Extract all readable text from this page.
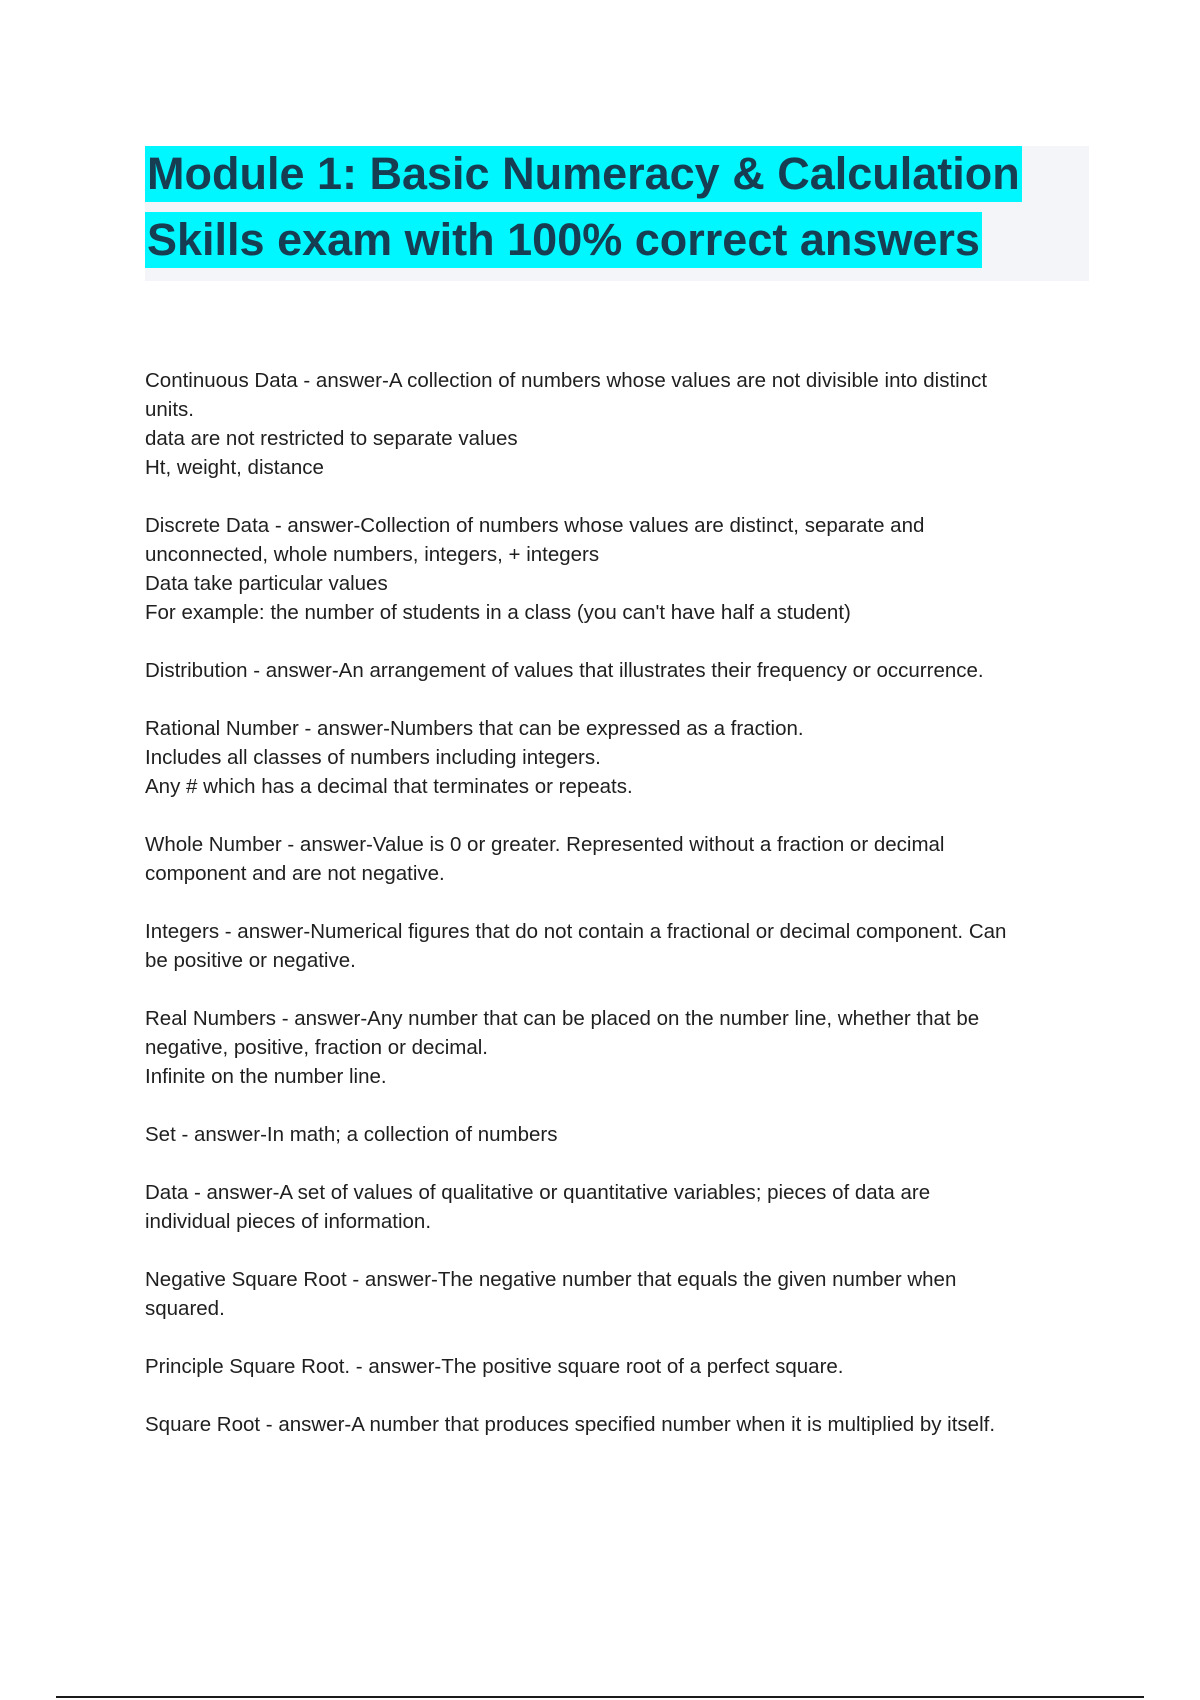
Module 1: Basic Numeracy & Calculation
Skills exam with 100% correct answers
Continuous Data - answer-A collection of numbers whose values are not divisible into distinct
units.
data are not restricted to separate values
Ht, weight, distance
Discrete Data - answer-Collection of numbers whose values are distinct, separate and
unconnected, whole numbers, integers, + integers
Data take particular values
For example: the number of students in a class (you can't have half a student)
Distribution - answer-An arrangement of values that illustrates their frequency or occurrence.
Rational Number - answer-Numbers that can be expressed as a fraction.
Includes all classes of numbers including integers.
Any # which has a decimal that terminates or repeats.
Whole Number - answer-Value is 0 or greater. Represented without a fraction or decimal
component and are not negative.
Integers - answer-Numerical figures that do not contain a fractional or decimal component. Can
be positive or negative.
Real Numbers - answer-Any number that can be placed on the number line, whether that be
negative, positive, fraction or decimal.
Infinite on the number line.
Set - answer-In math; a collection of numbers
Data - answer-A set of values of qualitative or quantitative variables; pieces of data are
individual pieces of information.
Negative Square Root - answer-The negative number that equals the given number when
squared.
Principle Square Root. - answer-The positive square root of a perfect square.
Square Root - answer-A number that produces specified number when it is multiplied by itself.
